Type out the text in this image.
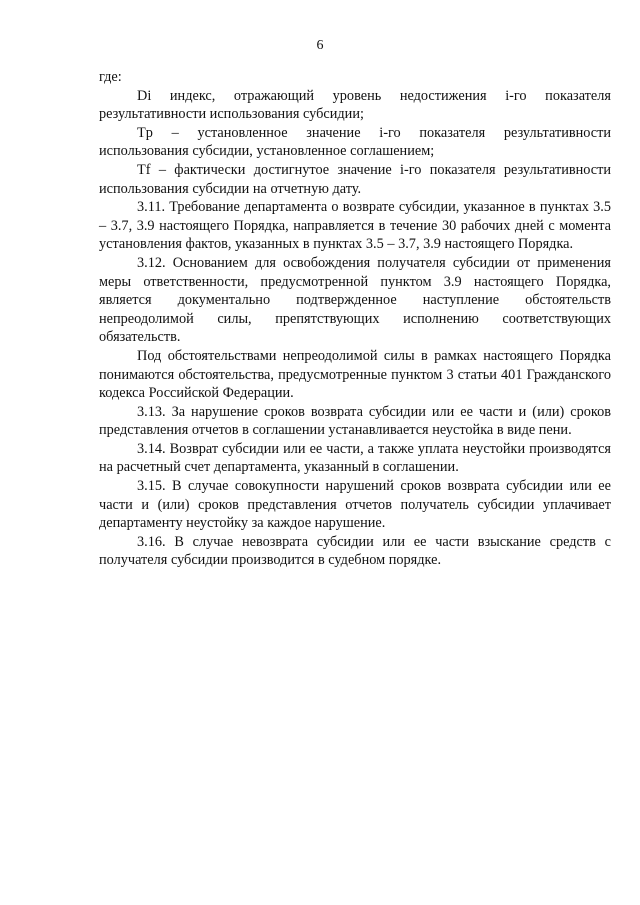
6

где:

Di индекс, отражающий уровень недостижения i-го показателя результативности использования субсидии;

Tp – установленное значение i-го показателя результативности использования субсидии, установленное соглашением;

Tf – фактически достигнутое значение i-го показателя результативности использования субсидии на отчетную дату.

3.11. Требование департамента о возврате субсидии, указанное в пунктах 3.5 – 3.7, 3.9 настоящего Порядка, направляется в течение 30 рабочих дней с момента установления фактов, указанных в пунктах 3.5 – 3.7, 3.9 настоящего Порядка.

3.12. Основанием для освобождения получателя субсидии от применения меры ответственности, предусмотренной пунктом 3.9 настоящего Порядка, является документально подтвержденное наступление обстоятельств непреодолимой силы, препятствующих исполнению соответствующих обязательств.

Под обстоятельствами непреодолимой силы в рамках настоящего Порядка понимаются обстоятельства, предусмотренные пунктом 3 статьи 401 Гражданского кодекса Российской Федерации.

3.13. За нарушение сроков возврата субсидии или ее части и (или) сроков представления отчетов в соглашении устанавливается неустойка в виде пени.

3.14. Возврат субсидии или ее части, а также уплата неустойки производятся на расчетный счет департамента, указанный в соглашении.

3.15. В случае совокупности нарушений сроков возврата субсидии или ее части и (или) сроков представления отчетов получатель субсидии уплачивает департаменту неустойку за каждое нарушение.

3.16. В случае невозврата субсидии или ее части взыскание средств с получателя субсидии производится в судебном порядке.
